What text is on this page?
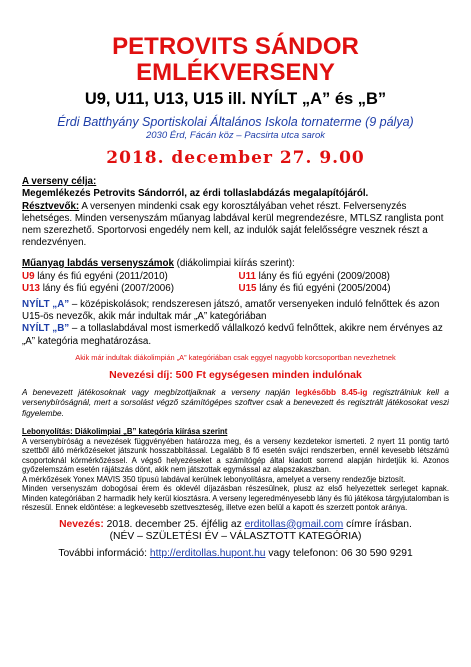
PETROVITS SÁNDOR
EMLÉKVERSENY
U9, U11, U13, U15 ill. NYÍLT „A” és „B”
Érdi Batthyány Sportiskolai Általános Iskola tornaterme (9 pálya)
2030 Érd, Fácán köz – Pacsirta utca sarok
2018. december 27. 9.00
A verseny célja:
Megemlékezés Petrovits Sándorról, az érdi tollaslabdázás megalapítójáról.
Résztvevők: A versenyen mindenki csak egy korosztályában vehet részt. Felversenyzés lehetséges. Minden versenyszám műanyag labdával kerül megrendezésre, MTLSZ ranglista pont nem szerezhető. Sportorvosi engedély nem kell, az indulók saját felelősségre vesznek részt a rendezvényen.
Műanyag labdás versenyszámok (diákolimpiai kiírás szerint):
U9 lány és fiú egyéni (2011/2010)	U11 lány és fiú egyéni (2009/2008)
U13 lány és fiú egyéni (2007/2006)	U15 lány és fiú egyéni (2005/2004)
NYÍLT „A” – középiskolások; rendszeresen játszó, amatőr versenyeken induló felnőttek és azon U15-ös nevezők, akik már indultak már „A” kategóriában
NYÍLT „B” – a tollaslabdával most ismerkedő vállalkozó kedvű felnőttek, akikre nem érvényes az „A” kategória meghatározása.
Akik már indultak diákolimpián „A” kategóriában csak eggyel nagyobb korcsoportban nevezhetnek
Nevezési díj: 500 Ft egységesen minden indulónak
A benevezett játékosoknak vagy megbízottjaiknak a verseny napján legkésőbb 8.45-ig regisztrálniuk kell a versenybíróságnál, mert a sorsolást végző számítógépes szoftver csak a benevezett és regisztrált játékosokat veszi figyelembe.
Lebonyolítás: Diákolimpiai „B” kategória kiírása szerint
A versenybíróság a nevezések függvényében határozza meg, és a verseny kezdetekor ismerteti. 2 nyert 11 pontig tartó szettből álló mérkőzéseket játszunk hosszabbítással. Legalább 8 fő esetén svájci rendszerben, ennél kevesebb létszámú csoportoknál körmérkőzéssel. A végső helyezéseket a számítógép által kiadott sorrend alapján hirdetjük ki. Azonos győzelemszám esetén rájátszás dönt, akik nem játszottak egymással az alapszakaszban.
A mérkőzések Yonex MAVIS 350 típusú labdával kerülnek lebonyolításra, amelyet a verseny rendezője biztosít.
Minden versenyszám dobogósai érem és oklevél díjazásban részesülnek, plusz az első helyezettek serleget kapnak. Minden kategóriában 2 harmadik hely kerül kiosztásra. A verseny legeredményesebb lány és fiú játékosa tárgyjutalomban is részesül. Ennek eldöntése: a legkevesebb szettveszteség, illetve ezen belül a kapott és szerzett pontok aránya.
Nevezés: 2018. december 25. éjfélig az erditollas@gmail.com címre írásban.
(NÉV – SZÜLETÉSI ÉV – VÁLASZTOTT KATEGÓRIA)
További információ: http://erditollas.hupont.hu vagy telefonon: 06 30 590 9291
